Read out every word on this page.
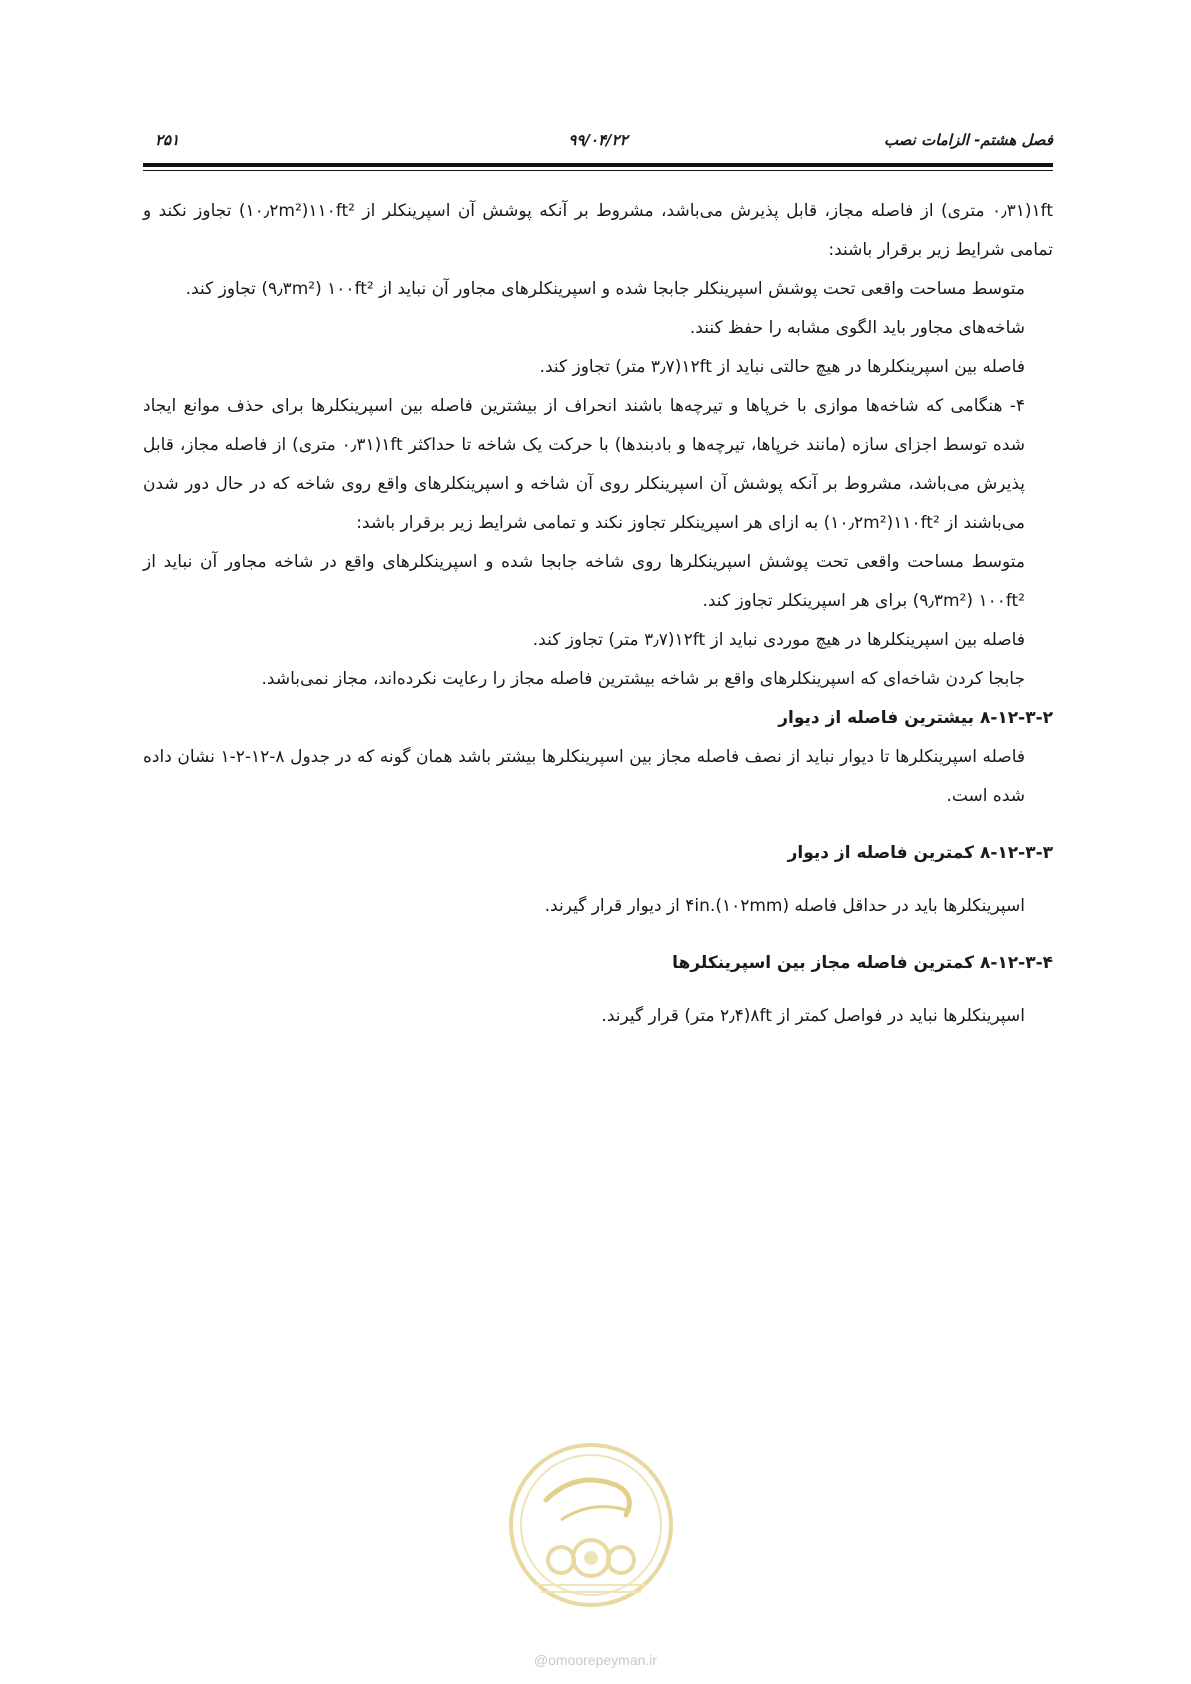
فصل هشتم- الزامات نصب
۹۹/۰۴/۲۲
۲۵۱

۱ft(۰٫۳۱ متری) از فاصله مجاز، قابل پذیرش می‌باشد، مشروط بر آنکه پوشش آن اسپرینکلر از ۱۱۰ft²(۱۰٫۲m²) تجاوز نکند و تمامی شرایط زیر برقرار باشند:

متوسط مساحت واقعی تحت پوشش اسپرینکلر جابجا شده و اسپرینکلرهای مجاور آن نباید از ۱۰۰ft² (۹٫۳m²) تجاوز کند.

شاخه‌های مجاور باید الگوی مشابه را حفظ کنند.

فاصله بین اسپرینکلرها در هیچ حالتی نباید از ۱۲ft(۳٫۷ متر) تجاوز کند.

۴- هنگامی که شاخه‌ها موازی با خرپاها و تیرچه‌ها باشند انحراف از بیشترین فاصله بین اسپرینکلرها برای حذف موانع ایجاد شده توسط اجزای سازه (مانند خرپاها، تیرچه‌ها و بادبندها) با حرکت یک شاخه تا حداکثر ۱ft(۰٫۳۱ متری) از فاصله مجاز، قابل پذیرش می‌باشد، مشروط بر آنکه پوشش آن اسپرینکلر روی آن شاخه و اسپرینکلرهای واقع روی شاخه که در حال دور شدن می‌باشند از ۱۱۰ft²(۱۰٫۲m²) به ازای هر اسپرینکلر تجاوز نکند و تمامی شرایط زیر برقرار باشد:

متوسط مساحت واقعی تحت پوشش اسپرینکلرها روی شاخه جابجا شده و اسپرینکلرهای واقع در شاخه مجاور آن نباید از ۱۰۰ft² (۹٫۳m²) برای هر اسپرینکلر تجاوز کند.

فاصله بین اسپرینکلرها در هیچ موردی نباید از ۱۲ft(۳٫۷ متر) تجاوز کند.

جابجا کردن شاخه‌ای که اسپرینکلرهای واقع بر شاخه بیشترین فاصله مجاز را رعایت نکرده‌اند، مجاز نمی‌باشد.

۸-۱۲-۳-۲ بیشترین فاصله از دیوار

فاصله اسپرینکلرها تا دیوار نباید از نصف فاصله مجاز بین اسپرینکلرها بیشتر باشد همان گونه که در جدول ۸-۱۲-۲-۱ نشان داده شده است.

۸-۱۲-۳-۳ کمترین فاصله از دیوار

اسپرینکلرها باید در حداقل فاصله ۴in.(۱۰۲mm) از دیوار قرار گیرند.

۸-۱۲-۳-۴ کمترین فاصله مجاز بین اسپرینکلرها

اسپرینکلرها نباید در فواصل کمتر از ۸ft(۲٫۴ متر) قرار گیرند.

@omoorepeyman.ir
